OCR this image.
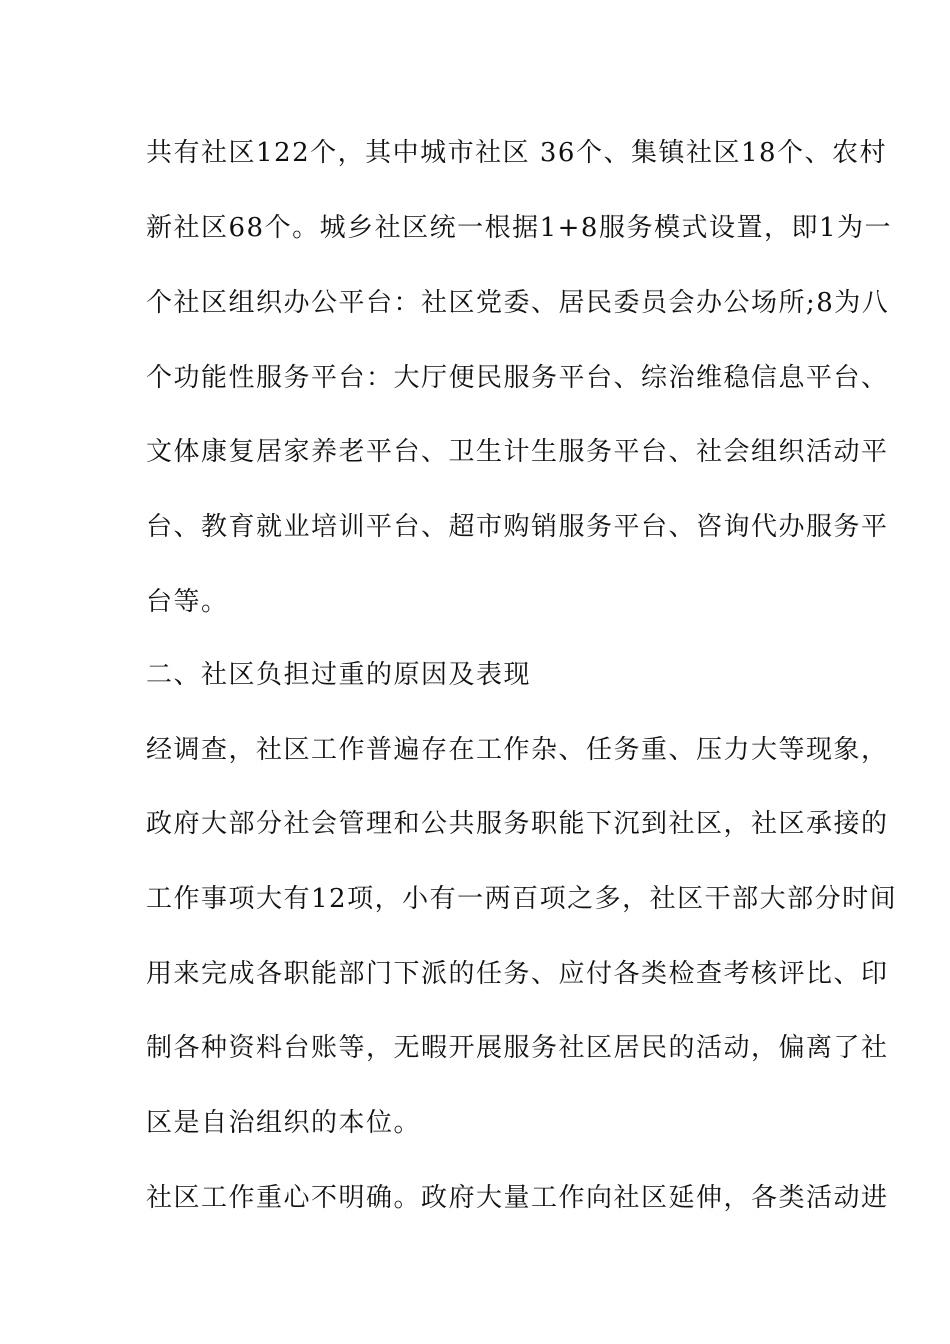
共有社区122个，其中城市社区 36个、集镇社区18个、农村
新社区68个。城乡社区统一根据1+8服务模式设置，即1为一
个社区组织办公平台：社区党委、居民委员会办公场所;8为八
个功能性服务平台：大厅便民服务平台、综治维稳信息平台、
文体康复居家养老平台、卫生计生服务平台、社会组织活动平
台、教育就业培训平台、超市购销服务平台、咨询代办服务平
台等。
二、社区负担过重的原因及表现
经调查，社区工作普遍存在工作杂、任务重、压力大等现象，
政府大部分社会管理和公共服务职能下沉到社区，社区承接的
工作事项大有12项，小有一两百项之多，社区干部大部分时间
用来完成各职能部门下派的任务、应付各类检查考核评比、印
制各种资料台账等，无暇开展服务社区居民的活动，偏离了社
区是自治组织的本位。
社区工作重心不明确。政府大量工作向社区延伸，各类活动进
